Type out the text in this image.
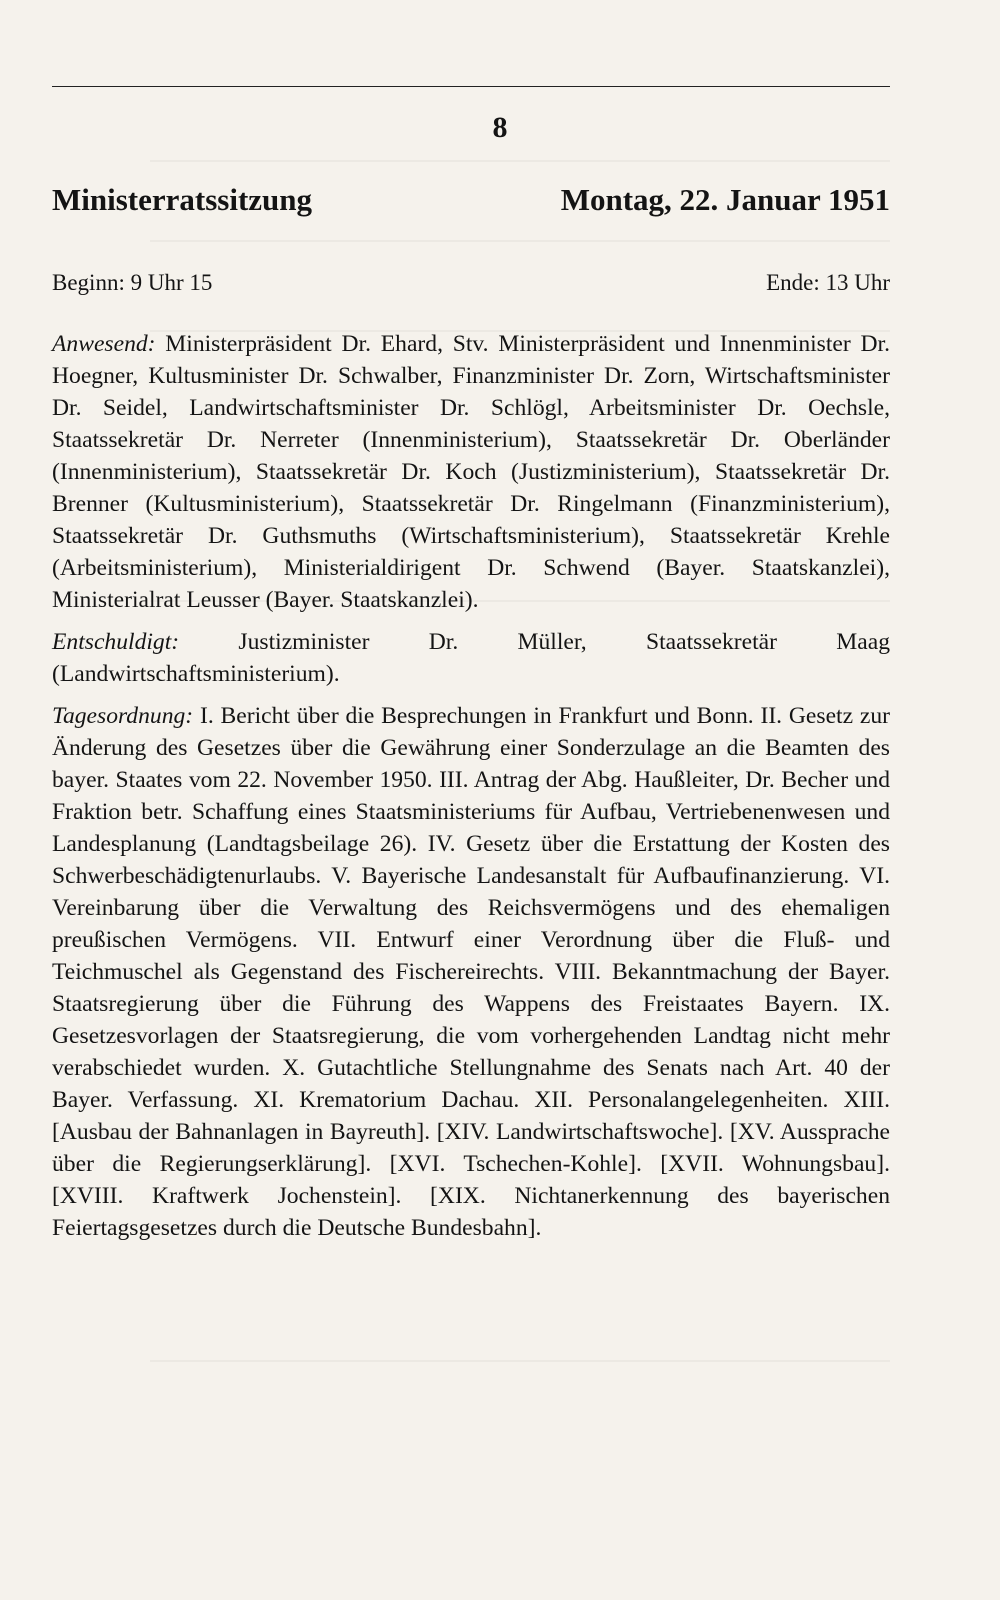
8
Ministerratssitzung	Montag, 22. Januar 1951
Beginn: 9 Uhr 15	Ende: 13 Uhr

Anwesend: Ministerpräsident Dr. Ehard, Stv. Ministerpräsident und Innenminister Dr. Hoegner, Kultusminister Dr. Schwalber, Finanzminister Dr. Zorn, Wirtschaftsminister Dr. Seidel, Landwirtschaftsminister Dr. Schlögl, Arbeitsminister Dr. Oechsle, Staatssekretär Dr. Nerreter (Innenministerium), Staatssekretär Dr. Oberländer (Innenministerium), Staatssekretär Dr. Koch (Justizministerium), Staatssekretär Dr. Brenner (Kultusministerium), Staatssekretär Dr. Ringelmann (Finanzministerium), Staatssekretär Dr. Guthsmuths (Wirtschaftsministerium), Staatssekretär Krehle (Arbeitsministerium), Ministerialdirigent Dr. Schwend (Bayer. Staatskanzlei), Ministerialrat Leusser (Bayer. Staatskanzlei).

Entschuldigt:	Justizminister Dr. Müller, Staatssekretär Maag (Landwirtschaftsministerium).

Tagesordnung: I. Bericht über die Besprechungen in Frankfurt und Bonn. II. Gesetz zur Änderung des Gesetzes über die Gewährung einer Sonderzulage an die Beamten des bayer. Staates vom 22. November 1950. III. Antrag der Abg. Haußleiter, Dr. Becher und Fraktion betr. Schaffung eines Staatsministeriums für Aufbau, Vertriebenenwesen und Landesplanung (Landtagsbeilage 26). IV. Gesetz über die Erstattung der Kosten des Schwerbeschädigtenurlaubs. V. Bayerische Landesanstalt für Aufbaufinanzierung. VI. Vereinbarung über die Verwaltung des Reichsvermögens und des ehemaligen preußischen Vermögens. VII. Entwurf einer Verordnung über die Fluß- und Teichmuschel als Gegenstand des Fischereirechts. VIII. Bekanntmachung der Bayer. Staatsregierung über die Führung des Wappens des Freistaates Bayern. IX. Gesetzesvorlagen der Staatsregierung, die vom vorhergehenden Landtag nicht mehr verabschiedet wurden. X. Gutachtliche Stellungnahme des Senats nach Art. 40 der Bayer. Verfassung. XI. Krematorium Dachau. XII. Personalangelegenheiten. XIII. [Ausbau der Bahnanlagen in Bayreuth]. [XIV. Landwirtschaftswoche]. [XV. Aussprache über die Regierungserklärung]. [XVI. Tschechen-Kohle]. [XVII. Wohnungsbau]. [XVIII. Kraftwerk Jochenstein]. [XIX. Nichtanerkennung des bayerischen Feiertagsgesetzes durch die Deutsche Bundesbahn].
